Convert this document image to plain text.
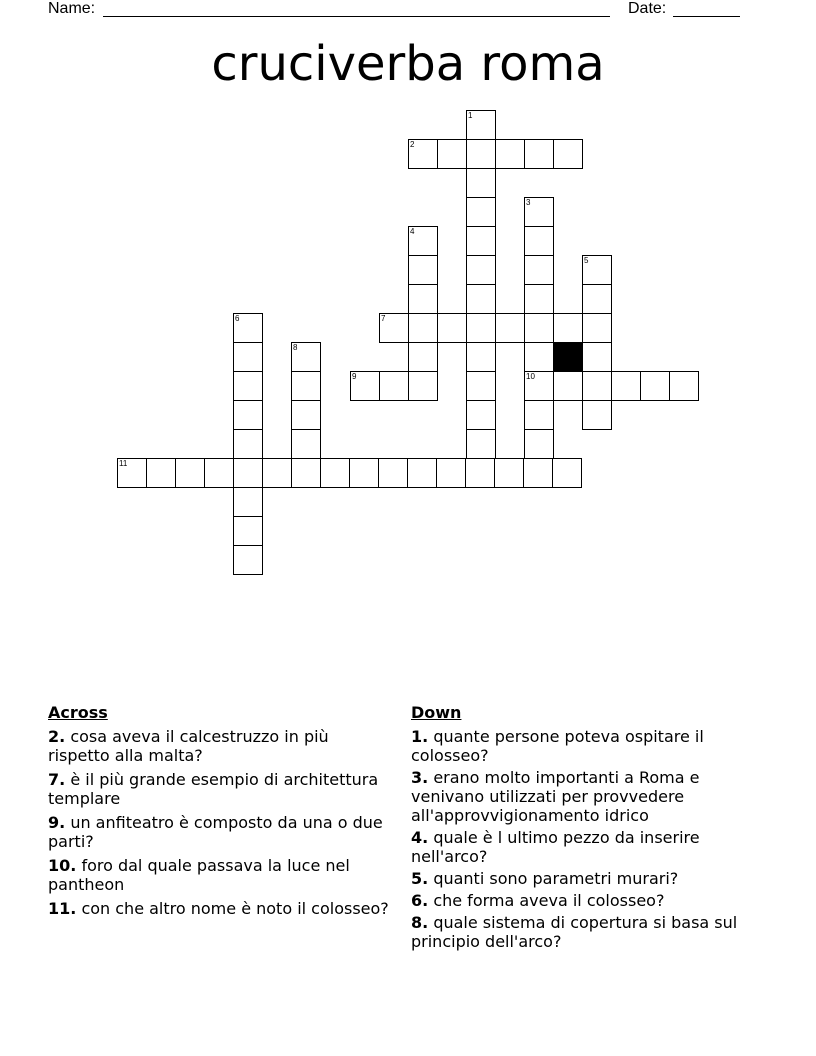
Name:	Date:
cruciverba roma
1
2
3
4
5
6	7
8
9	10
11
Across
2. cosa aveva il calcestruzzo in più rispetto alla malta?
7. è il più grande esempio di architettura templare
9. un anfiteatro è composto da una o due parti?
10. foro dal quale passava la luce nel pantheon
11. con che altro nome è noto il colosseo?
Down
1. quante persone poteva ospitare il colosseo?
3. erano molto importanti a Roma e venivano utilizzati per provvedere all'approvvigionamento idrico
4. quale è l ultimo pezzo da inserire nell'arco?
5. quanti sono parametri murari?
6. che forma aveva il colosseo?
8. quale sistema di copertura si basa sul principio dell'arco?
